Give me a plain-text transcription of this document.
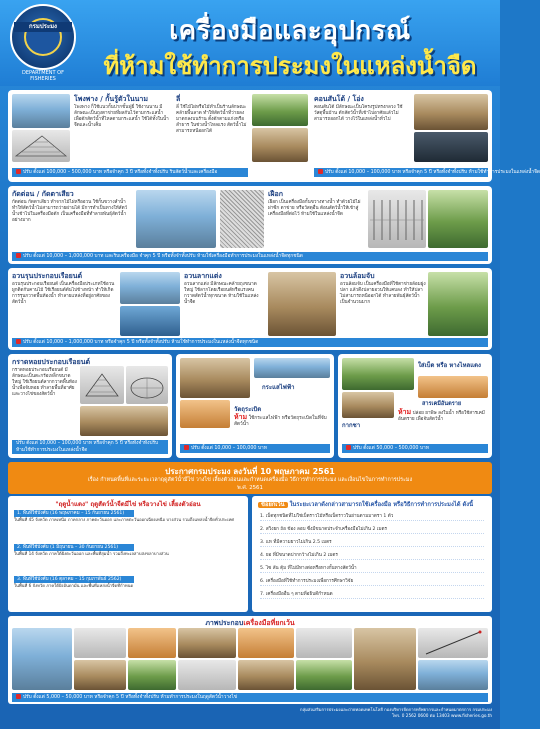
กรมประมง
DEPARTMENT OF FISHERIES
เครื่องมือและอุปกรณ์
ที่ห้ามใช้ทำการประมงในแหล่งน้ำจืด
โพงพาง / กั้นรู้ตัวในนาม
โพงพาง ก็ใช้แนวกั้นปากขั้นฟู่ยี่ ใช้งานนาน มีลักษณะเป็นถุงตาข่ายที่ผลกันไว้ตามกระแสน้ำ เพื่อดักสัตว์น้ำที่ไหลตามกระแสน้ำ ใช้ได้ทั้งในน้ำจืดและน้ำเค็ม
ลี่
ลี่ ใช้ไม้ไผ่หรือไม้ทำเป็นร้านลักษณะคล้ายพื้นลาด ทำให้สัตว์น้ำที่ว่ายลงมาตกลงบนร้าน ตั้งดักตามแก่งหรือลำธาร ในช่วงน้ำไหลแรง สัตว์น้ำไม่สามารถหนีออกได้
คอนสันโต้ / โอ่ง
คอนสันโต้ มีลักษณะเป็นโครงรูปทรงกลวง ใช้วัสดุพื้นบ้าน ดักสัตว์น้ำที่เข้าไปอาศัยแล้วไม่สามารถออกได้ วางไว้ในแหล่งน้ำทั่วไป
ปรับ ตั้งแต่ 100,000 – 500,000 บาท หรือจำคุก 3 ปี หรือทั้งจำทั้งปรับ ริบสัตว์น้ำและเครื่องมือ	ปรับ ตั้งแต่ 10,000 – 100,000 บาท หรือจำคุก 5 ปี หรือทั้งจำทั้งปรับ ห้ามใช้ทำการประมงในแหล่งน้ำจืด
กัดต่อน / กัดตาเสียว
กัดต่อน กัดตาเสียว ทำจากไม้ไผ่หรืออวน ใช้กั้นขวางลำน้ำ ทำให้สัตว์น้ำไม่สามารถว่ายผ่านได้ มีการทำเป็นทางให้สัตว์น้ำเข้าไปในเครื่องมือดัก เป็นเครื่องมือที่ทำลายพันธุ์สัตว์น้ำอย่างมาก
เฝือก
เฝือก เป็นเครื่องมือกั้นขวางทางน้ำ ทำด้วยไม้ไผ่ผ่าซีก ตาข่าย หรือวัสดุอื่น ต้อนสัตว์น้ำให้เข้าสู่เครื่องมือที่ต่อไว้ ห้ามใช้ในแหล่งน้ำจืด
ปรับ ตั้งแต่ 10,000 – 1,000,000 บาท และริบเครื่องมือ จำคุก 5 ปี หรือทั้งจำทั้งปรับ ห้ามใช้เครื่องมือทำการประมงในแหล่งน้ำจืดทุกชนิด
อวนรุนประกอบเรือยนต์
อวนรุนประกอบเรือยนต์ เป็นเครื่องมือประเภทใช้อวนผูกติดกับคานไม้ ใช้เรือยนต์ดันไปข้างหน้า ทำให้เกิดการรุนกวาดพื้นท้องน้ำ ทำลายแหล่งที่อยู่อาศัยของสัตว์น้ำ
อวนลากแต่ง
อวนลากแต่ง มีลักษณะคล้ายถุงขนาดใหญ่ ใช้ลากโดยเรือยนต์หรือแรงคน กวาดสัตว์น้ำทุกขนาด ห้ามใช้ในแหล่งน้ำจืด
อวนล้อมจับ
อวนล้อมจับ เป็นเครื่องมือที่ใช้ตาข่ายล้อมฝูงปลา แล้วดึงปลายอวนให้แคบลง ทำให้ปลาไม่สามารถหนีออกได้ ทำลายพันธุ์สัตว์น้ำเป็นจำนวนมาก
ปรับ ตั้งแต่ 10,000 – 1,000,000 บาท หรือจำคุก 5 ปี หรือทั้งจำทั้งปรับ ห้ามใช้ทำการประมงในแหล่งน้ำจืดทุกชนิด
กราดหอยประกอบเรือยนต์
กราดหอยประกอบเรือยนต์ มีลักษณะเป็นตะกร้อเหล็กขนาดใหญ่ ใช้เรือยนต์ลากกวาดพื้นท้องน้ำเพื่อจับหอย ทำลายพื้นที่อาศัยและวางไข่ของสัตว์น้ำ
ปรับ ตั้งแต่ 10,000 – 100,000 บาท หรือจำคุก 5 ปี หรือทั้งจำทั้งปรับ ห้ามใช้ทำการประมงในแหล่งน้ำจืด
กระแสไฟฟ้า
วัตถุระเบิด
ห้าม ใช้กระแสไฟฟ้า หรือวัตถุระเบิดในที่จับสัตว์น้ำ
ปรับ ตั้งแต่ 10,000 – 100,000 บาท
ใส่เบ็ด หรือ หางไหลแดง
กากชา
สารเคมีอันตราย
ห้าม ปล่อย ยาพิษ ลงในน้ำ หรือใช้สารเคมีอันตราย เพื่อจับสัตว์น้ำ
ปรับ ตั้งแต่ 50,000 – 500,000 บาท
ประกาศกรมประมง ลงวันที่ 10 พฤษภาคม 2561
เรื่อง กำหนดพื้นที่และระยะเวลาฤดูสัตว์น้ำมีไข่ วางไข่ เลี้ยงตัวอ่อนและกำหนดเครื่องมือ วิธีการทำการประมง และเงื่อนไขในการทำการประมง
พ.ศ. 2561
"ฤดูน้ำแดง" ฤดูสัตว์น้ำจืดมีไข่ หรือวางไข่ เลี้ยงตัวอ่อน
1. พื้นที่ใช้บังคับ (16 พฤษภาคม – 15 กันยายน 2561)
ในพื้นที่ 45 จังหวัด ภาคเหนือ ภาคกลาง ภาคตะวันออก และภาคตะวันออกเฉียงเหนือ บางส่วน รวมถึงแหล่งน้ำจืดทั่วประเทศ
2. พื้นที่ใช้บังคับ (1 มิถุนายน – 30 กันยายน 2561)
ในพื้นที่ 14 จังหวัด ภาคใต้ฝั่งตะวันออก และพื้นที่ลุ่มน้ำ รวมถึงทะเลสาบสงขลาบางส่วน
3. พื้นที่ใช้บังคับ (16 ตุลาคม – 15 กุมภาพันธ์ 2562)
ในพื้นที่ 6 จังหวัด ภาคใต้ฝั่งอันดามัน และพื้นที่แหล่งน้ำจืดที่กำหนด
ข้อยกเว้น ในระยะเวลาดังกล่าวสามารถใช้เครื่องมือ หรือวิธีการทำการประมงได้ ดังนี้
1. เบ็ดทุกชนิดที่ไม่ใช่เบ็ดราวไม้หรือเบ็ดราวในย่านตามมาตรา 1 ตัว
2. สวิงยก ถ้อ ข้อง ลอบ ซึ่งมีขนาดประจำเครื่องมือไม่เกิน 2 เมตร
3. แห ที่มีความยาวไม่เกิน 2.5 เมตร
4. ยอ ที่มีขนาดปากกว้างไม่เกิน 2 เมตร
5. ไซ ลัน ตุ้ม ที่ไม่มีทางต่อหรือหางกั้นทางสัตว์น้ำ
6. เครื่องมือที่ใช้ทำการประมงเพื่อการศึกษาวิจัย
7. เครื่องมืออื่น ๆ ตามที่อธิบดีกำหนด
ภาพประกอบเครื่องมือที่ยกเว้น
ปรับ ตั้งแต่ 5,000 – 50,000 บาท หรือจำคุก 5 ปี หรือทั้งจำทั้งปรับ ห้ามทำการประมงในฤดูสัตว์น้ำวางไข่
กลุ่มส่งเสริมการประมงและถ่ายทอดเทคโนโลยี กองบริหารจัดการทรัพยากรและกำหนดมาตรการ กรมประมง
โทร. 0 2562 0600 ต่อ 13403 www.fisheries.go.th
